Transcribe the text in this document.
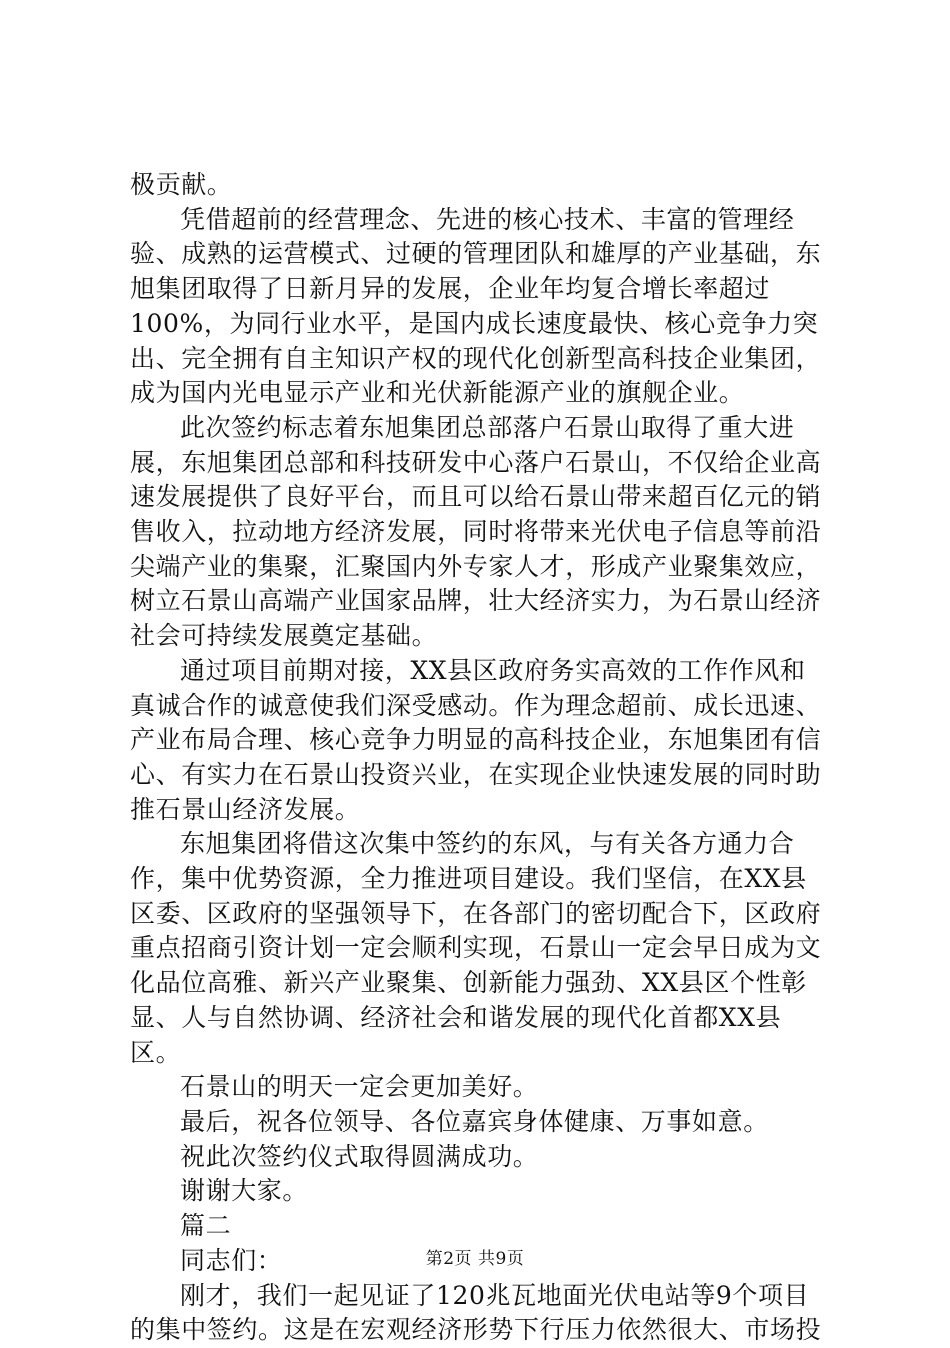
极贡献。

凭借超前的经营理念、先进的核心技术、丰富的管理经验、成熟的运营模式、过硬的管理团队和雄厚的产业基础，东旭集团取得了日新月异的发展，企业年均复合增长率超过100%，为同行业水平，是国内成长速度最快、核心竞争力突出、完全拥有自主知识产权的现代化创新型高科技企业集团，成为国内光电显示产业和光伏新能源产业的旗舰企业。

此次签约标志着东旭集团总部落户石景山取得了重大进展，东旭集团总部和科技研发中心落户石景山，不仅给企业高速发展提供了良好平台，而且可以给石景山带来超百亿元的销售收入，拉动地方经济发展，同时将带来光伏电子信息等前沿尖端产业的集聚，汇聚国内外专家人才，形成产业聚集效应，树立石景山高端产业国家品牌，壮大经济实力，为石景山经济社会可持续发展奠定基础。

通过项目前期对接，XX县区政府务实高效的工作作风和真诚合作的诚意使我们深受感动。作为理念超前、成长迅速、产业布局合理、核心竞争力明显的高科技企业，东旭集团有信心、有实力在石景山投资兴业，在实现企业快速发展的同时助推石景山经济发展。

东旭集团将借这次集中签约的东风，与有关各方通力合作，集中优势资源，全力推进项目建设。我们坚信，在XX县区委、区政府的坚强领导下，在各部门的密切配合下，区政府重点招商引资计划一定会顺利实现，石景山一定会早日成为文化品位高雅、新兴产业聚集、创新能力强劲、XX县区个性彰显、人与自然协调、经济社会和谐发展的现代化首都XX县区。

石景山的明天一定会更加美好。

最后，祝各位领导、各位嘉宾身体健康、万事如意。

祝此次签约仪式取得圆满成功。

谢谢大家。

篇二

同志们：

刚才，我们一起见证了120兆瓦地面光伏电站等9个项目的集中签约。这是在宏观经济形势下行压力依然很大、市场投

第2页 共9页
